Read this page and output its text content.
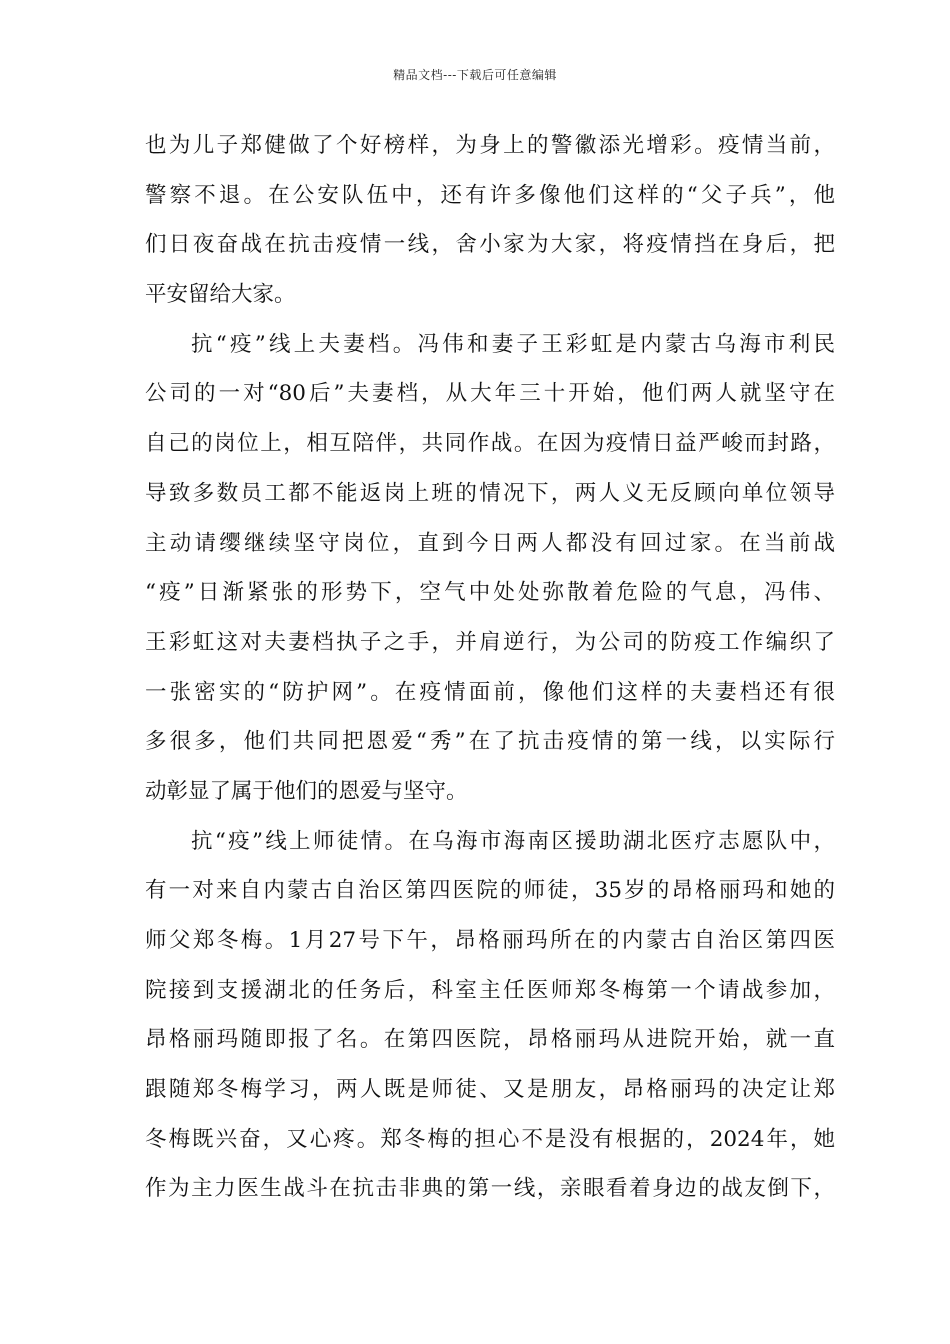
精品文档---下载后可任意编辑
也为儿子郑健做了个好榜样，为身上的警徽添光增彩。疫情当前，
警察不退。在公安队伍中，还有许多像他们这样的“父子兵”，他
们日夜奋战在抗击疫情一线，舍小家为大家，将疫情挡在身后，把
平安留给大家。
抗“疫”线上夫妻档。冯伟和妻子王彩虹是内蒙古乌海市利民
公司的一对“80后”夫妻档，从大年三十开始，他们两人就坚守在
自己的岗位上，相互陪伴，共同作战。在因为疫情日益严峻而封路，
导致多数员工都不能返岗上班的情况下，两人义无反顾向单位领导
主动请缨继续坚守岗位，直到今日两人都没有回过家。在当前战
“疫”日渐紧张的形势下，空气中处处弥散着危险的气息，冯伟、
王彩虹这对夫妻档执子之手，并肩逆行，为公司的防疫工作编织了
一张密实的“防护网”。在疫情面前，像他们这样的夫妻档还有很
多很多，他们共同把恩爱“秀”在了抗击疫情的第一线，以实际行
动彰显了属于他们的恩爱与坚守。
抗“疫”线上师徒情。在乌海市海南区援助湖北医疗志愿队中，
有一对来自内蒙古自治区第四医院的师徒，35岁的昂格丽玛和她的
师父郑冬梅。1月27号下午，昂格丽玛所在的内蒙古自治区第四医
院接到支援湖北的任务后，科室主任医师郑冬梅第一个请战参加，
昂格丽玛随即报了名。在第四医院，昂格丽玛从进院开始，就一直
跟随郑冬梅学习，两人既是师徒、又是朋友，昂格丽玛的决定让郑
冬梅既兴奋，又心疼。郑冬梅的担心不是没有根据的，2024年，她
作为主力医生战斗在抗击非典的第一线，亲眼看着身边的战友倒下，
